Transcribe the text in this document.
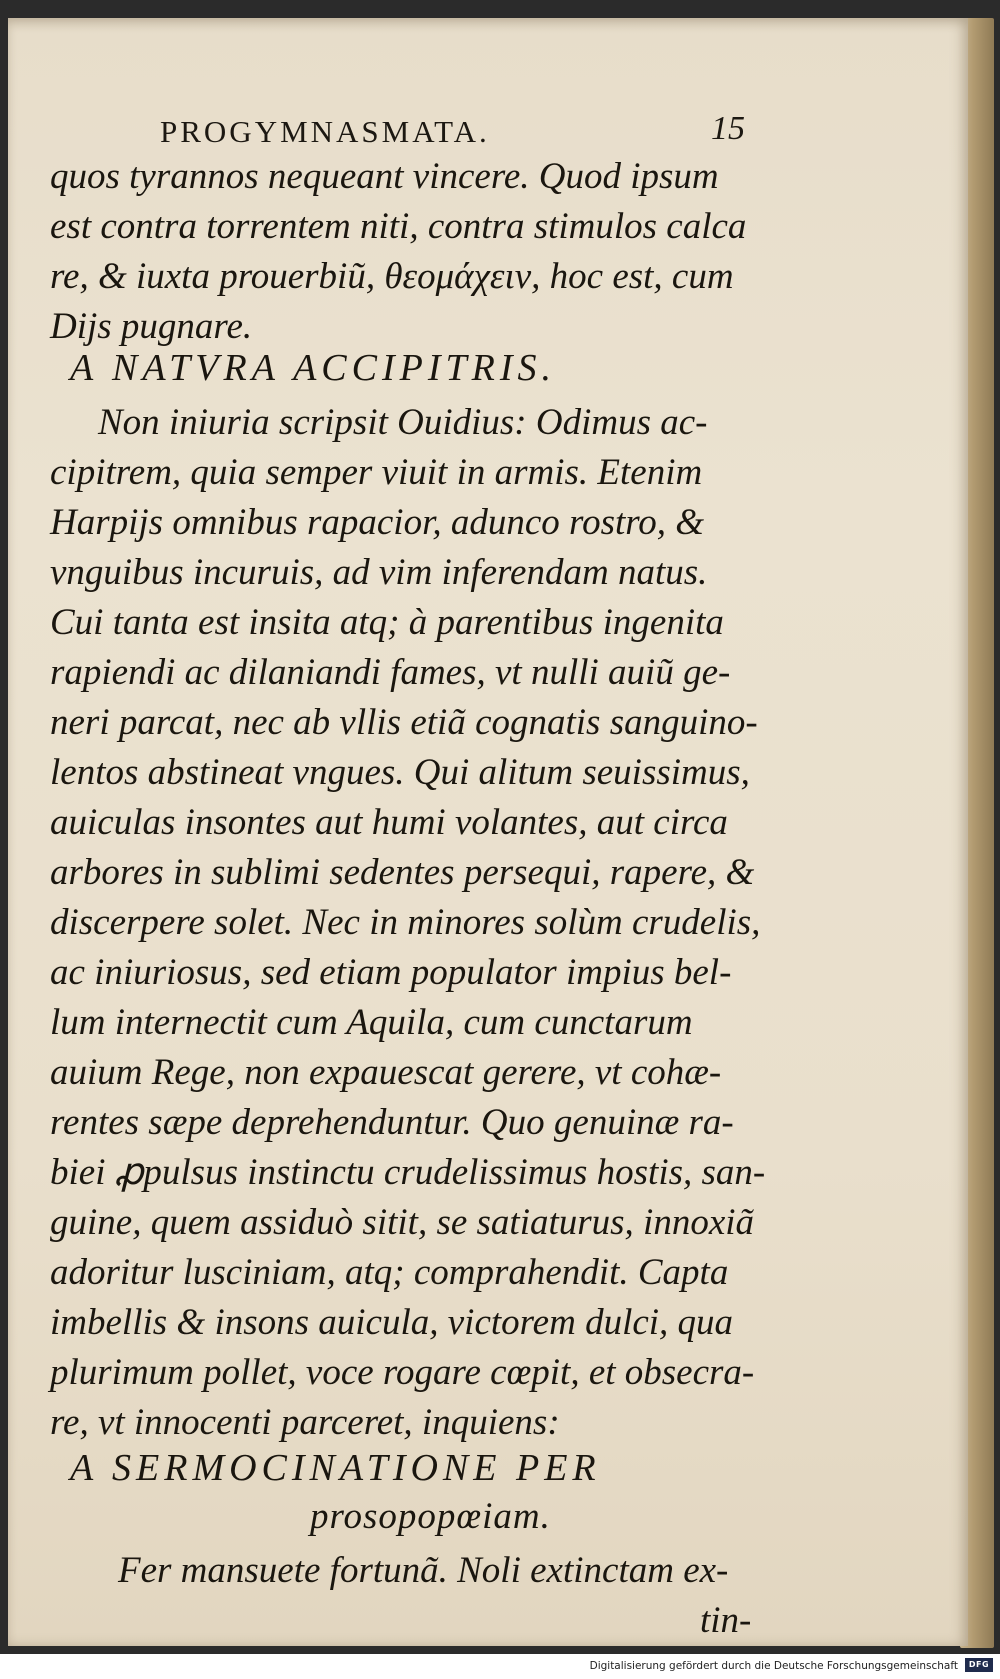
PROGYMNASMATA.	15
quos tyrannos nequeant vincere. Quod ipsum
est contra torrentem niti, contra stimulos calca
re, & iuxta prouerbiũ, θεομάχειν, hoc est, cum
Dijs pugnare.
A NATVRA ACCIPITRIS.
Non iniuria scripsit Ouidius: Odimus ac-
cipitrem, quia semper viuit in armis. Etenim
Harpijs omnibus rapacior, adunco rostro, &
vnguibus incuruis, ad vim inferendam natus.
Cui tanta est insita atq; à parentibus ingenita
rapiendi ac dilaniandi fames, vt nulli auiũ ge-
neri parcat, nec ab vllis etiã cognatis sanguino-
lentos abstineat vngues. Qui alitum seuissimus,
auiculas insontes aut humi volantes, aut circa
arbores in sublimi sedentes persequi, rapere, &
discerpere solet. Nec in minores solùm crudelis,
ac iniuriosus, sed etiam populator impius bel-
lum internectit cum Aquila, cum cunctarum
auium Rege, non expauescat gerere, vt cohæ-
rentes sæpe deprehenduntur. Quo genuinæ ra-
biei ꝓpulsus instinctu crudelissimus hostis, san-
guine, quem assiduò sitit, se satiaturus, innoxiã
adoritur lusciniam, atq; comprahendit. Capta
imbellis & insons auicula, victorem dulci, qua
plurimum pollet, voce rogare cœpit, et obsecra-
re, vt innocenti parceret, inquiens:
A SERMOCINATIONE PER
prosopopœiam.
Fer mansuete fortunã. Noli extinctam ex-
tin-
Digitalisierung gefördert durch die Deutsche Forschungsgemeinschaft	DFG
